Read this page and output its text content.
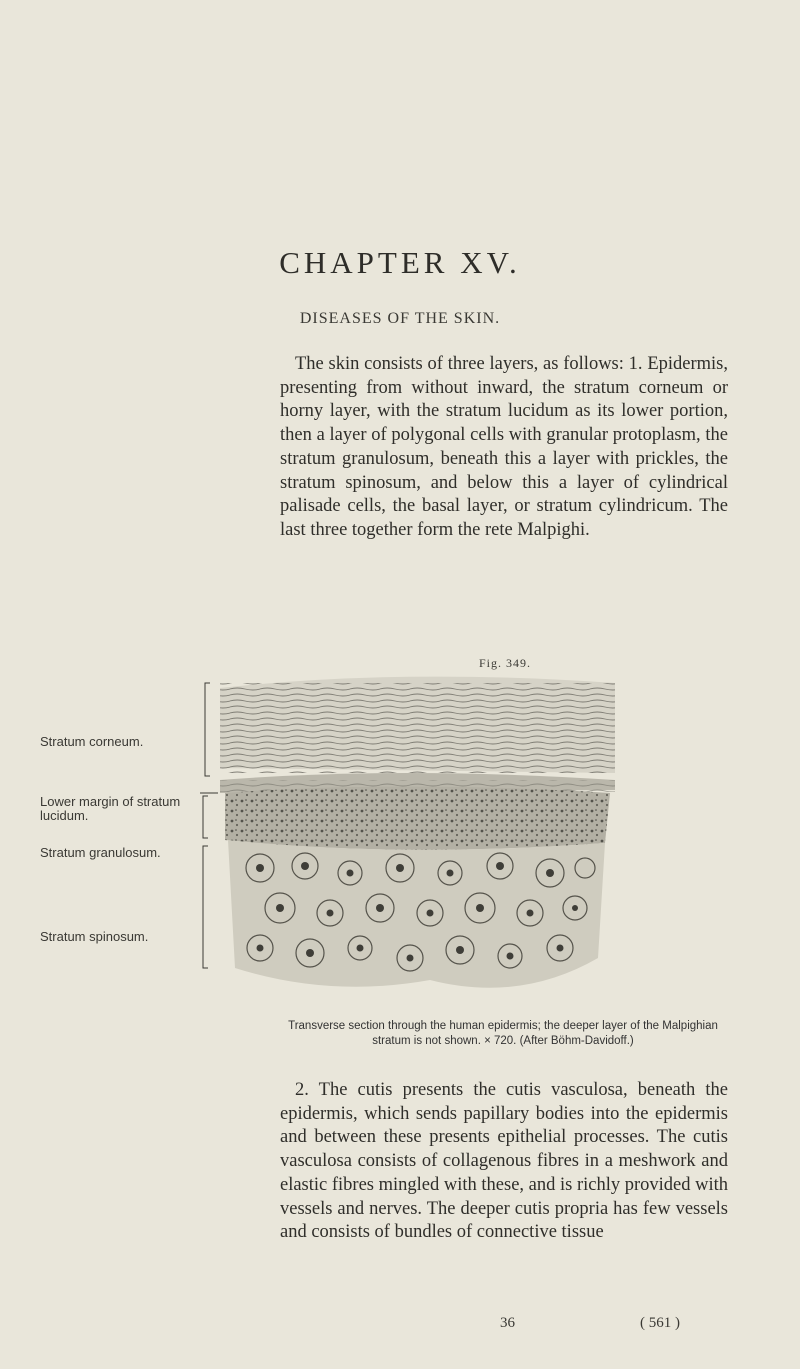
CHAPTER XV.
DISEASES OF THE SKIN.

The skin consists of three layers, as follows: 1. Epidermis, presenting from without inward, the stratum corneum or horny layer, with the stratum lucidum as its lower portion, then a layer of polygonal cells with granular protoplasm, the stratum granulosum, beneath this a layer with prickles, the stratum spinosum, and below this a layer of cylindrical palisade cells, the basal layer, or stratum cylindricum. The last three together form the rete Malpighi.

Fig. 349.
Stratum corneum.
Lower margin of stratum lucidum.
Stratum granulosum.
Stratum spinosum.
Transverse section through the human epidermis; the deeper layer of the Malpighian stratum is not shown. × 720. (After Böhm-Davidoff.)

2. The cutis presents the cutis vasculosa, beneath the epidermis, which sends papillary bodies into the epidermis and between these presents epithelial processes. The cutis vasculosa consists of collagenous fibres in a meshwork and elastic fibres mingled with these, and is richly provided with vessels and nerves. The deeper cutis propria has few vessels and consists of bundles of connective tissue

36	( 561 )
